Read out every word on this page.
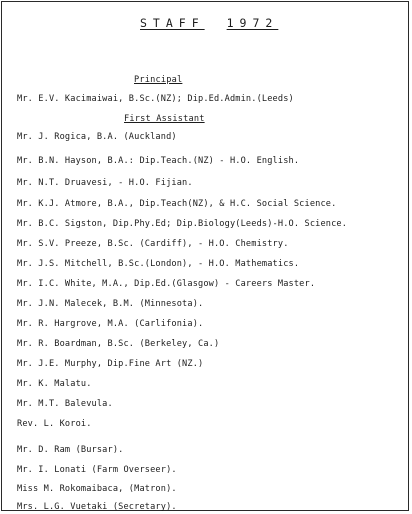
STAFF 1972
Principal
Mr. E.V. Kacimaiwai, B.Sc.(NZ); Dip.Ed.Admin.(Leeds)
First Assistant
Mr. J. Rogica, B.A. (Auckland)
Mr. B.N. Hayson, B.A.: Dip.Teach.(NZ) - H.O. English.
Mr. N.T. Druavesi, - H.O. Fijian.
Mr. K.J. Atmore, B.A., Dip.Teach(NZ), & H.C. Social Science.
Mr. B.C. Sigston, Dip.Phy.Ed; Dip.Biology(Leeds)-H.O. Science.
Mr. S.V. Preeze, B.Sc. (Cardiff), - H.O. Chemistry.
Mr. J.S. Mitchell, B.Sc.(London), - H.O. Mathematics.
Mr. I.C. White, M.A., Dip.Ed.(Glasgow) - Careers Master.
Mr. J.N. Malecek, B.M. (Minnesota).
Mr. R. Hargrove, M.A. (Carlifonia).
Mr. R. Boardman, B.Sc. (Berkeley, Ca.)
Mr. J.E. Murphy, Dip.Fine Art (NZ.)
Mr. K. Malatu.
Mr. M.T. Balevula.
Rev. L. Koroi.
Mr. D. Ram (Bursar).
Mr. I. Lonati (Farm Overseer).
Miss M. Rokomaibaca, (Matron).
Mrs. L.G. Vuetaki (Secretary).
